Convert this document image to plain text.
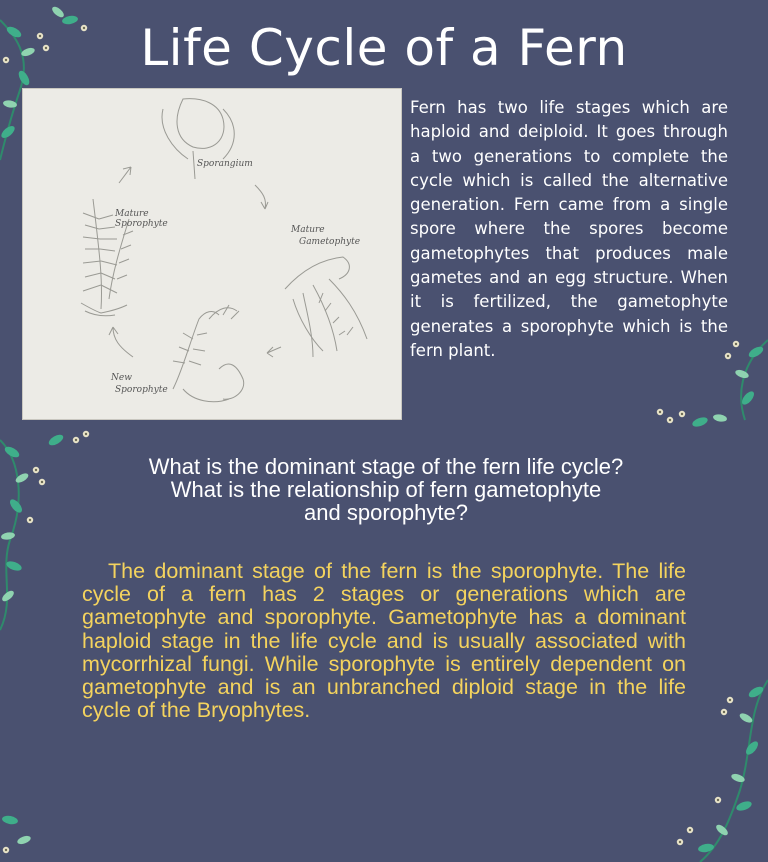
Life Cycle of a Fern
Sporangium
Mature
Sporophyte
Mature
Gametophyte
New
Sporophyte
Fern has two life stages which are haploid and deiploid. It goes through a two generations to complete the cycle which is called the alternative generation. Fern came from a single spore where the spores become gametophytes that produces male gametes and an egg structure. When it is fertilized, the gametophyte generates a sporophyte which is the fern plant.
What is the dominant stage of the fern life cycle?
What is the relationship of fern gametophyte
and sporophyte?
The dominant stage of the fern is the sporophyte. The life cycle of a fern has 2 stages or generations which are gametophyte and sporophyte. Gametophyte has a dominant haploid stage in the life cycle and is usually associated with mycorrhizal fungi. While sporophyte is entirely dependent on gametophyte and is an unbranched diploid stage in the life cycle of the Bryophytes.
